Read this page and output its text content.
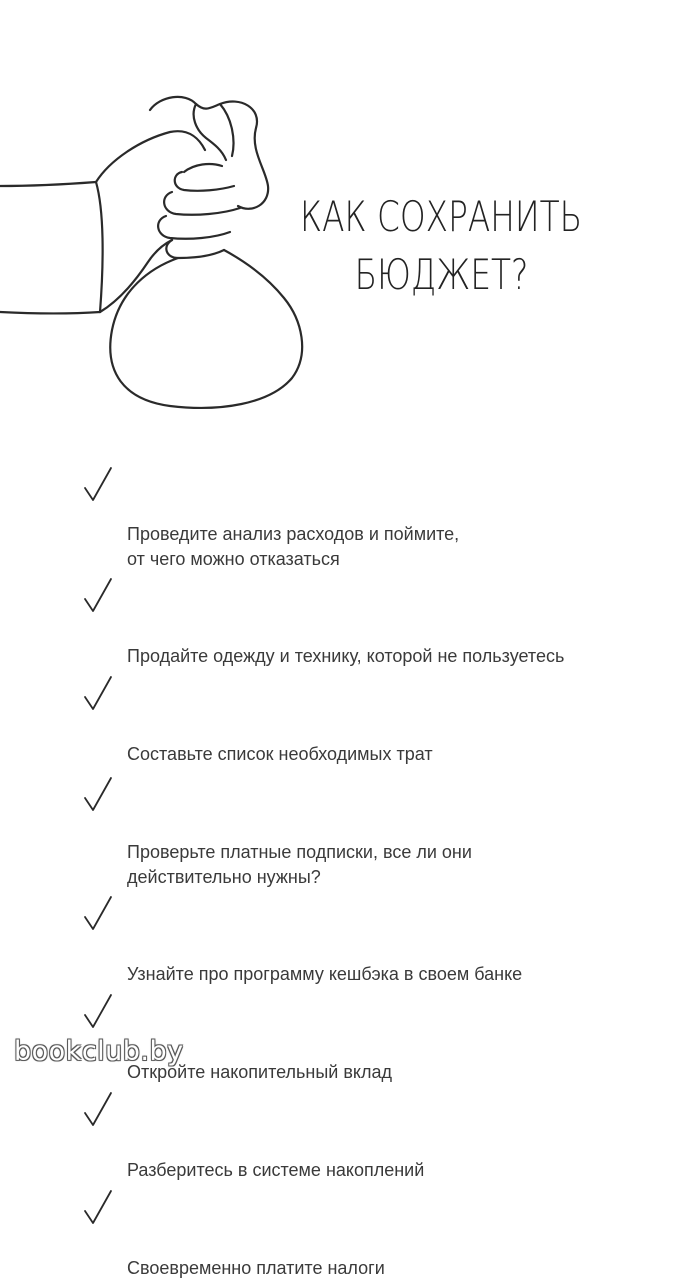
КАК СОХРАНИТЬ
БЮДЖЕТ?

Проведите анализ расходов и поймите,
от чего можно отказаться

Продайте одежду и технику, которой не пользуетесь

Составьте список необходимых трат

Проверьте платные подписки, все ли они
действительно нужны?

Узнайте про программу кешбэка в своем банке

Откройте накопительный вклад

Разберитесь в системе накоплений

Своевременно платите налоги

bookclub.by
